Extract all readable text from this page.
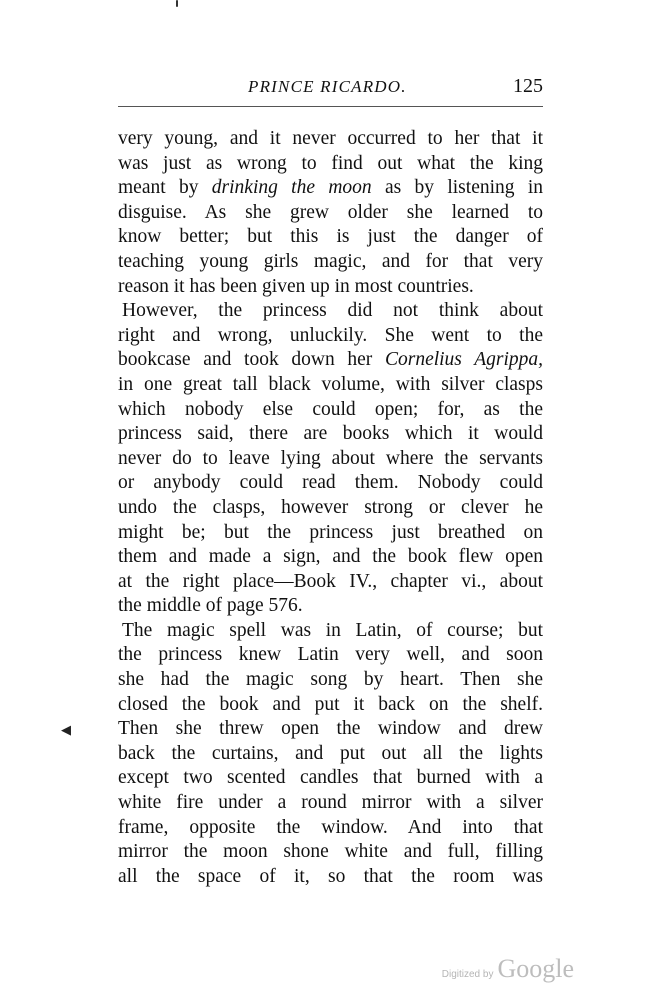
PRINCE RICARDO.	125
very young, and it never occurred to her that it
was just as wrong to find out what the king
meant by drinking the moon as by listening in
disguise. As she grew older she learned to
know better; but this is just the danger of
teaching young girls magic, and for that very
reason it has been given up in most countries.
However, the princess did not think about
right and wrong, unluckily. She went to the
bookcase and took down her Cornelius Agrippa,
in one great tall black volume, with silver clasps
which nobody else could open; for, as the
princess said, there are books which it would
never do to leave lying about where the servants
or anybody could read them. Nobody could
undo the clasps, however strong or clever he
might be; but the princess just breathed on
them and made a sign, and the book flew open
at the right place—Book IV., chapter vi., about
the middle of page 576.
The magic spell was in Latin, of course; but
the princess knew Latin very well, and soon
she had the magic song by heart. Then she
closed the book and put it back on the shelf.
Then she threw open the window and drew
back the curtains, and put out all the lights
except two scented candles that burned with a
white fire under a round mirror with a silver
frame, opposite the window. And into that
mirror the moon shone white and full, filling
all the space of it, so that the room was
◀
Digitized by Google
